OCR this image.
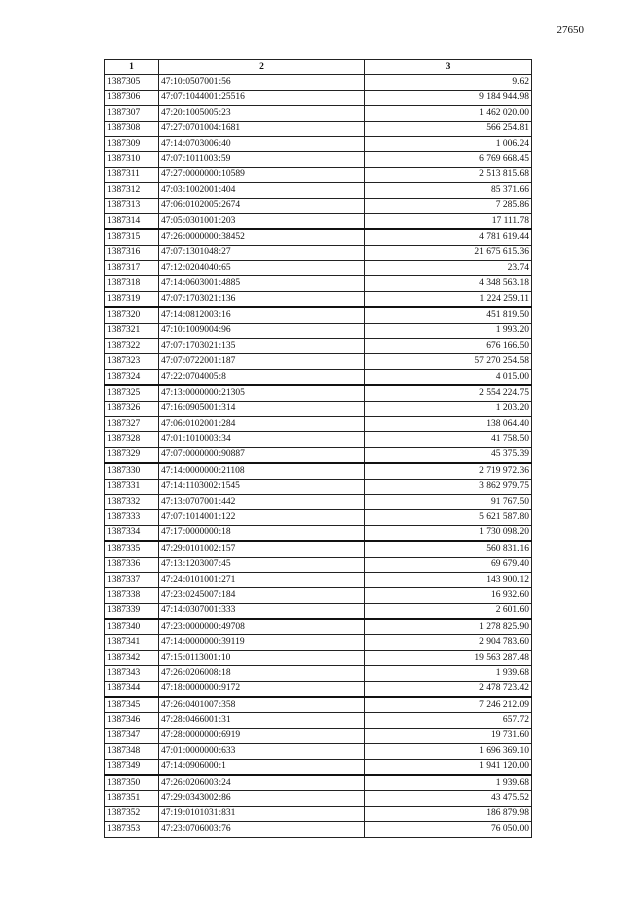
27650
1	2	3
1387305	47:10:0507001:56	9.62
1387306	47:07:1044001:25516	9 184 944.98
1387307	47:20:1005005:23	1 462 020.00
1387308	47:27:0701004:1681	566 254.81
1387309	47:14:0703006:40	1 006.24
1387310	47:07:1011003:59	6 769 668.45
1387311	47:27:0000000:10589	2 513 815.68
1387312	47:03:1002001:404	85 371.66
1387313	47:06:0102005:2674	7 285.86
1387314	47:05:0301001:203	17 111.78
1387315	47:26:0000000:38452	4 781 619.44
1387316	47:07:1301048:27	21 675 615.36
1387317	47:12:0204040:65	23.74
1387318	47:14:0603001:4885	4 348 563.18
1387319	47:07:1703021:136	1 224 259.11
1387320	47:14:0812003:16	451 819.50
1387321	47:10:1009004:96	1 993.20
1387322	47:07:1703021:135	676 166.50
1387323	47:07:0722001:187	57 270 254.58
1387324	47:22:0704005:8	4 015.00
1387325	47:13:0000000:21305	2 554 224.75
1387326	47:16:0905001:314	1 203.20
1387327	47:06:0102001:284	138 064.40
1387328	47:01:1010003:34	41 758.50
1387329	47:07:0000000:90887	45 375.39
1387330	47:14:0000000:21108	2 719 972.36
1387331	47:14:1103002:1545	3 862 979.75
1387332	47:13:0707001:442	91 767.50
1387333	47:07:1014001:122	5 621 587.80
1387334	47:17:0000000:18	1 730 098.20
1387335	47:29:0101002:157	560 831.16
1387336	47:13:1203007:45	69 679.40
1387337	47:24:0101001:271	143 900.12
1387338	47:23:0245007:184	16 932.60
1387339	47:14:0307001:333	2 601.60
1387340	47:23:0000000:49708	1 278 825.90
1387341	47:14:0000000:39119	2 904 783.60
1387342	47:15:0113001:10	19 563 287.48
1387343	47:26:0206008:18	1 939.68
1387344	47:18:0000000:9172	2 478 723.42
1387345	47:26:0401007:358	7 246 212.09
1387346	47:28:0466001:31	657.72
1387347	47:28:0000000:6919	19 731.60
1387348	47:01:0000000:633	1 696 369.10
1387349	47:14:0906000:1	1 941 120.00
1387350	47:26:0206003:24	1 939.68
1387351	47:29:0343002:86	43 475.52
1387352	47:19:0101031:831	186 879.98
1387353	47:23:0706003:76	76 050.00
